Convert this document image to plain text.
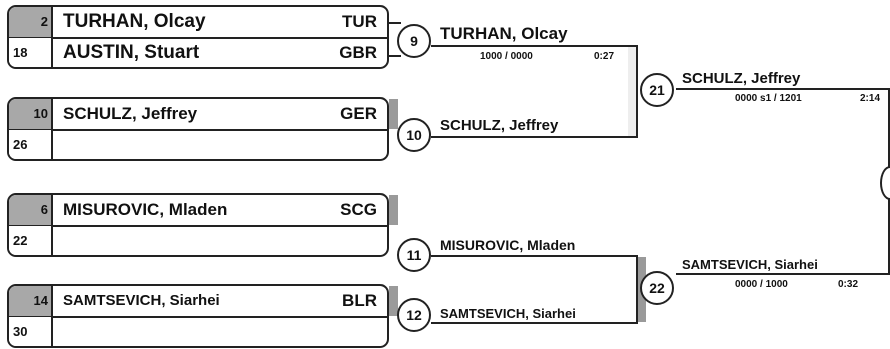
2 TURHAN, Olcay	TUR
18	AUSTIN, Stuart	GBR
10 SCHULZ, Jeffrey	GER
26
6 MISUROVIC, Mladen	SCG
22
14	SAMTSEVICH, Siarhei	BLR
30
9
10
11
12
TURHAN, Olcay
1000 / 0000	0:27
SCHULZ, Jeffrey
MISUROVIC, Mladen
SAMTSEVICH, Siarhei
21
22
SCHULZ, Jeffrey
0000 s1 / 1201	2:14
SAMTSEVICH, Siarhei
0000 / 1000	0:32
